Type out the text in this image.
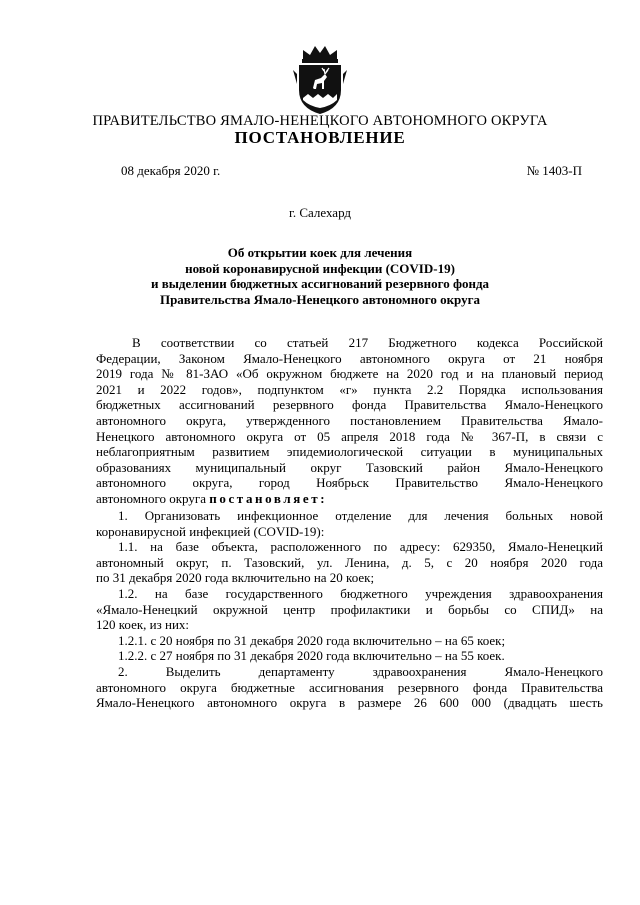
ПРАВИТЕЛЬСТВО ЯМАЛО-НЕНЕЦКОГО АВТОНОМНОГО ОКРУГА
ПОСТАНОВЛЕНИЕ
08 декабря 2020 г.	№ 1403-П
г. Салехард
Об открытии коек для лечения
новой коронавирусной инфекции (COVID-19)
и выделении бюджетных ассигнований резервного фонда
Правительства Ямало-Ненецкого автономного округа

В соответствии со статьей 217 Бюджетного кодекса Российской

Федерации, Законом Ямало-Ненецкого автономного округа от 21 ноября

2019 года № 81-ЗАО «Об окружном бюджете на 2020 год и на плановый период

2021 и 2022 годов», подпунктом «г» пункта 2.2 Порядка использования

бюджетных ассигнований резервного фонда Правительства Ямало-Ненецкого

автономного округа, утвержденного постановлением Правительства Ямало-

Ненецкого автономного округа от 05 апреля 2018 года № 367-П, в связи с

неблагоприятным развитием эпидемиологической ситуации в муниципальных

образованиях муниципальный округ Тазовский район Ямало-Ненецкого

автономного округа, город Ноябрьск Правительство Ямало-Ненецкого

автономного округа постановляет:

1. Организовать инфекционное отделение для лечения больных новой

коронавирусной инфекцией (COVID-19):

1.1. на базе объекта, расположенного по адресу: 629350, Ямало-Ненецкий

автономный округ, п. Тазовский, ул. Ленина, д. 5, с 20 ноября 2020 года

по 31 декабря 2020 года включительно на 20 коек;

1.2. на базе государственного бюджетного учреждения здравоохранения

«Ямало-Ненецкий окружной центр профилактики и борьбы со СПИД» на

120 коек, из них:

1.2.1. с 20 ноября по 31 декабря 2020 года включительно – на 65 коек;

1.2.2. с 27 ноября по 31 декабря 2020 года включительно – на 55 коек.

2. Выделить департаменту здравоохранения Ямало-Ненецкого

автономного округа бюджетные ассигнования резервного фонда Правительства

Ямало-Ненецкого автономного округа в размере 26 600 000 (двадцать шесть
